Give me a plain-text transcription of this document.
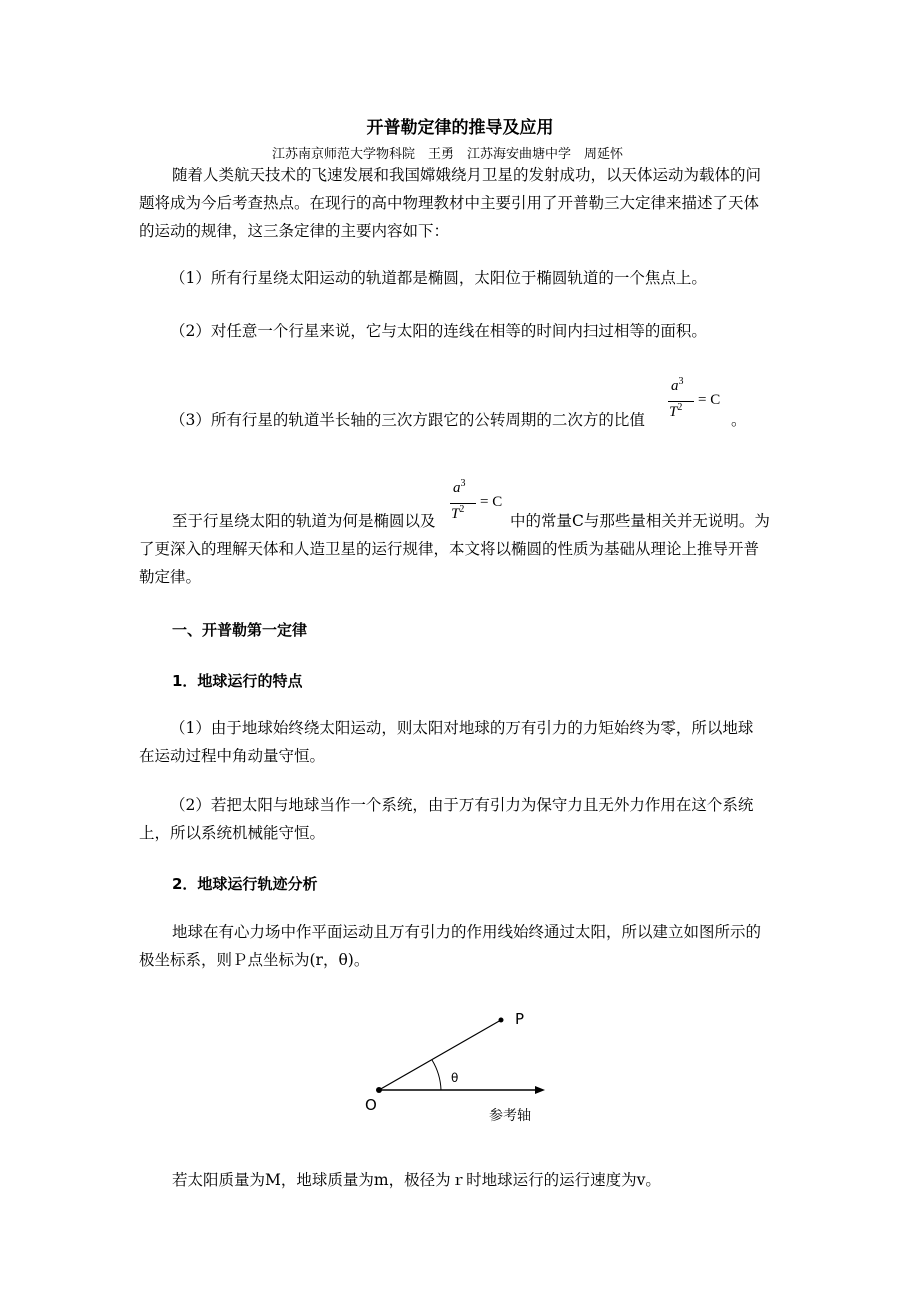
开普勒定律的推导及应用
江苏南京师范大学物科院　王勇　江苏海安曲塘中学　周延怀
随着人类航天技术的飞速发展和我国嫦娥绕月卫星的发射成功，以天体运动为载体的问
题将成为今后考查热点。在现行的高中物理教材中主要引用了开普勒三大定律来描述了天体
的运动的规律，这三条定律的主要内容如下：
（1）所有行星绕太阳运动的轨道都是椭圆，太阳位于椭圆轨道的一个焦点上。
（2）对任意一个行星来说，它与太阳的连线在相等的时间内扫过相等的面积。
（3）所有行星的轨道半长轴的三次方跟它的公转周期的二次方的比值
$a^3$
$T^2 = C$
。
至于行星绕太阳的轨道为何是椭圆以及
$a^3$
$T^2 = C$
中的常量C与那些量相关并无说明。为
了更深入的理解天体和人造卫星的运行规律，本文将以椭圆的性质为基础从理论上推导开普
勒定律。
一、开普勒第一定律
1．地球运行的特点
（1）由于地球始终绕太阳运动，则太阳对地球的万有引力的力矩始终为零，所以地球
在运动过程中角动量守恒。
（2）若把太阳与地球当作一个系统，由于万有引力为保守力且无外力作用在这个系统
上，所以系统机械能守恒。
2．地球运行轨迹分析
地球在有心力场中作平面运动且万有引力的作用线始终通过太阳，所以建立如图所示的
极坐标系，则Ｐ点坐标为(r，θ)。
P
O
θ
参考轴
若太阳质量为M，地球质量为m，极径为ｒ时地球运行的运行速度为v。
